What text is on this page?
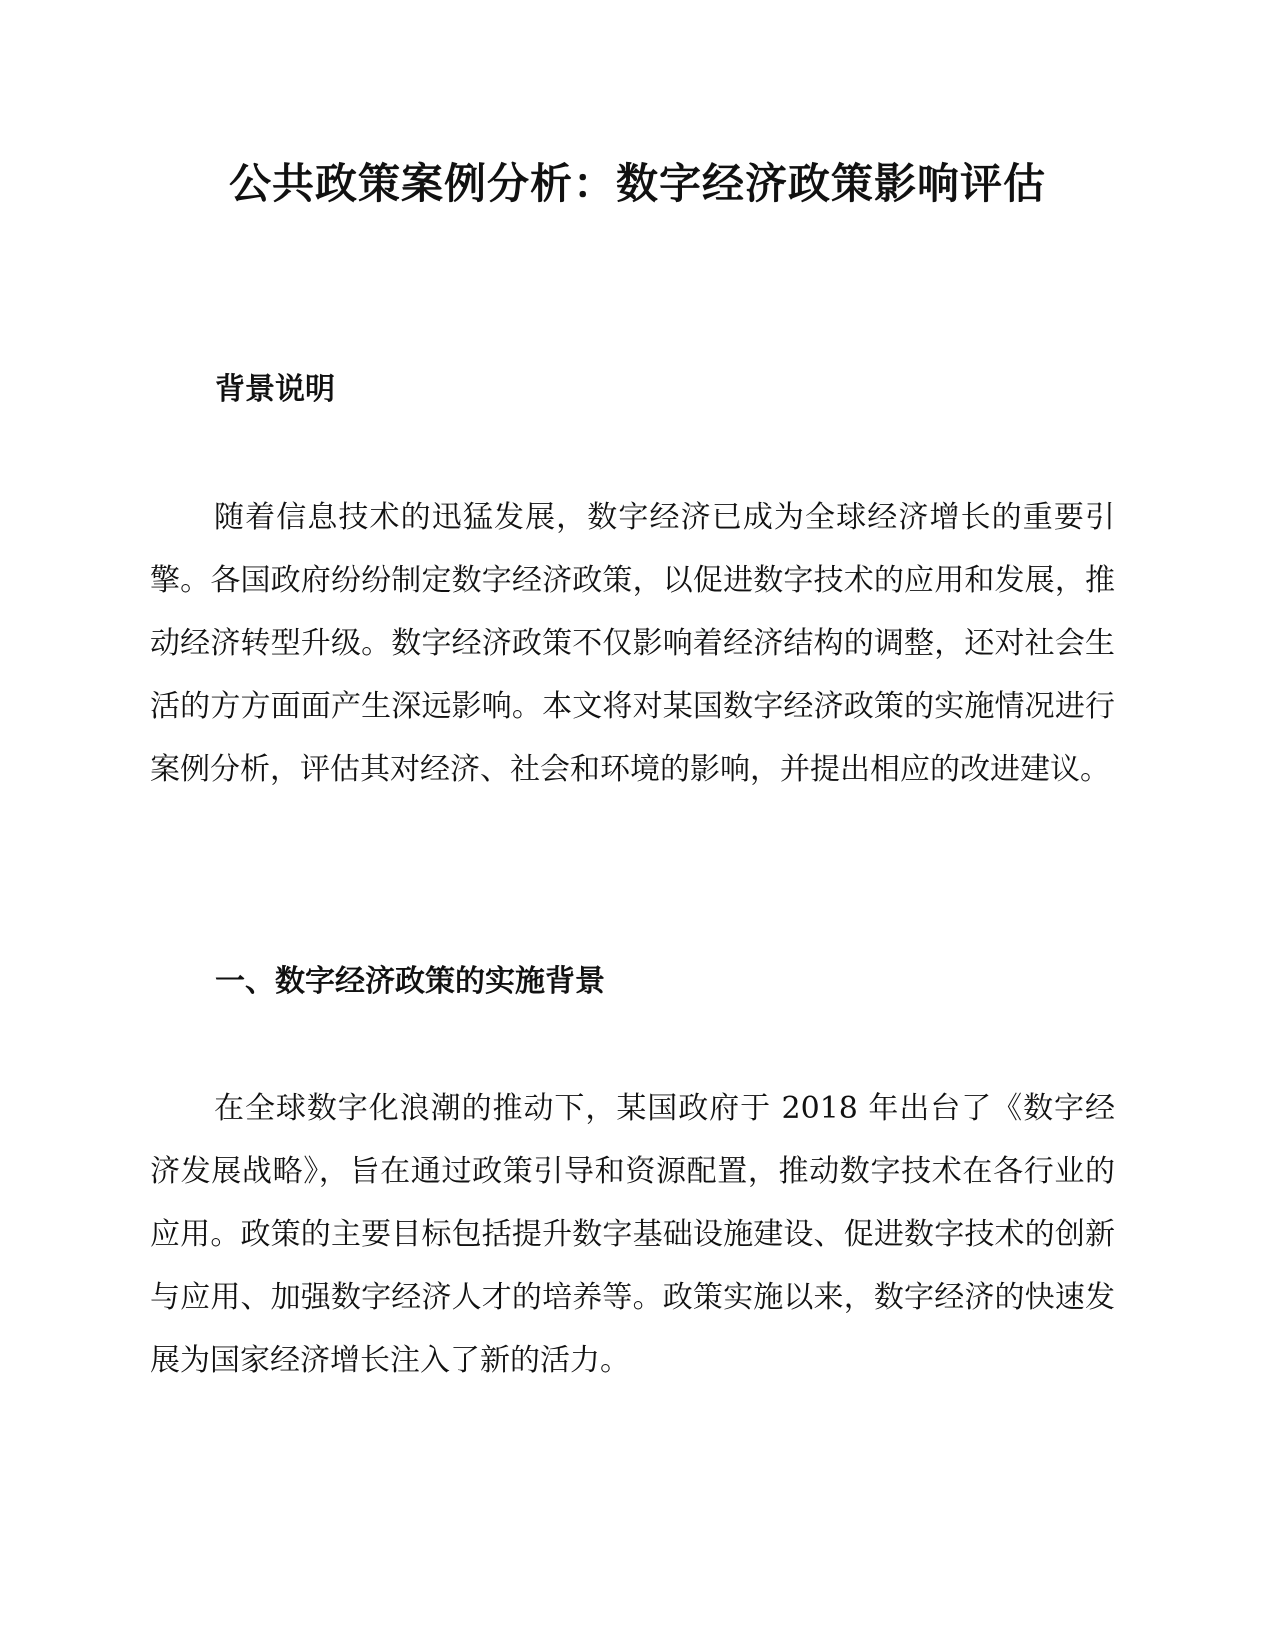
公共政策案例分析：数字经济政策影响评估
背景说明

随着信息技术的迅猛发展，数字经济已成为全球经济增长的重要引擎。各国政府纷纷制定数字经济政策，以促进数字技术的应用和发展，推动经济转型升级。数字经济政策不仅影响着经济结构的调整，还对社会生活的方方面面产生深远影响。本文将对某国数字经济政策的实施情况进行案例分析，评估其对经济、社会和环境的影响，并提出相应的改进建议。

一、数字经济政策的实施背景

在全球数字化浪潮的推动下，某国政府于 2018 年出台了《数字经济发展战略》，旨在通过政策引导和资源配置，推动数字技术在各行业的应用。政策的主要目标包括提升数字基础设施建设、促进数字技术的创新与应用、加强数字经济人才的培养等。政策实施以来，数字经济的快速发展为国家经济增长注入了新的活力。
